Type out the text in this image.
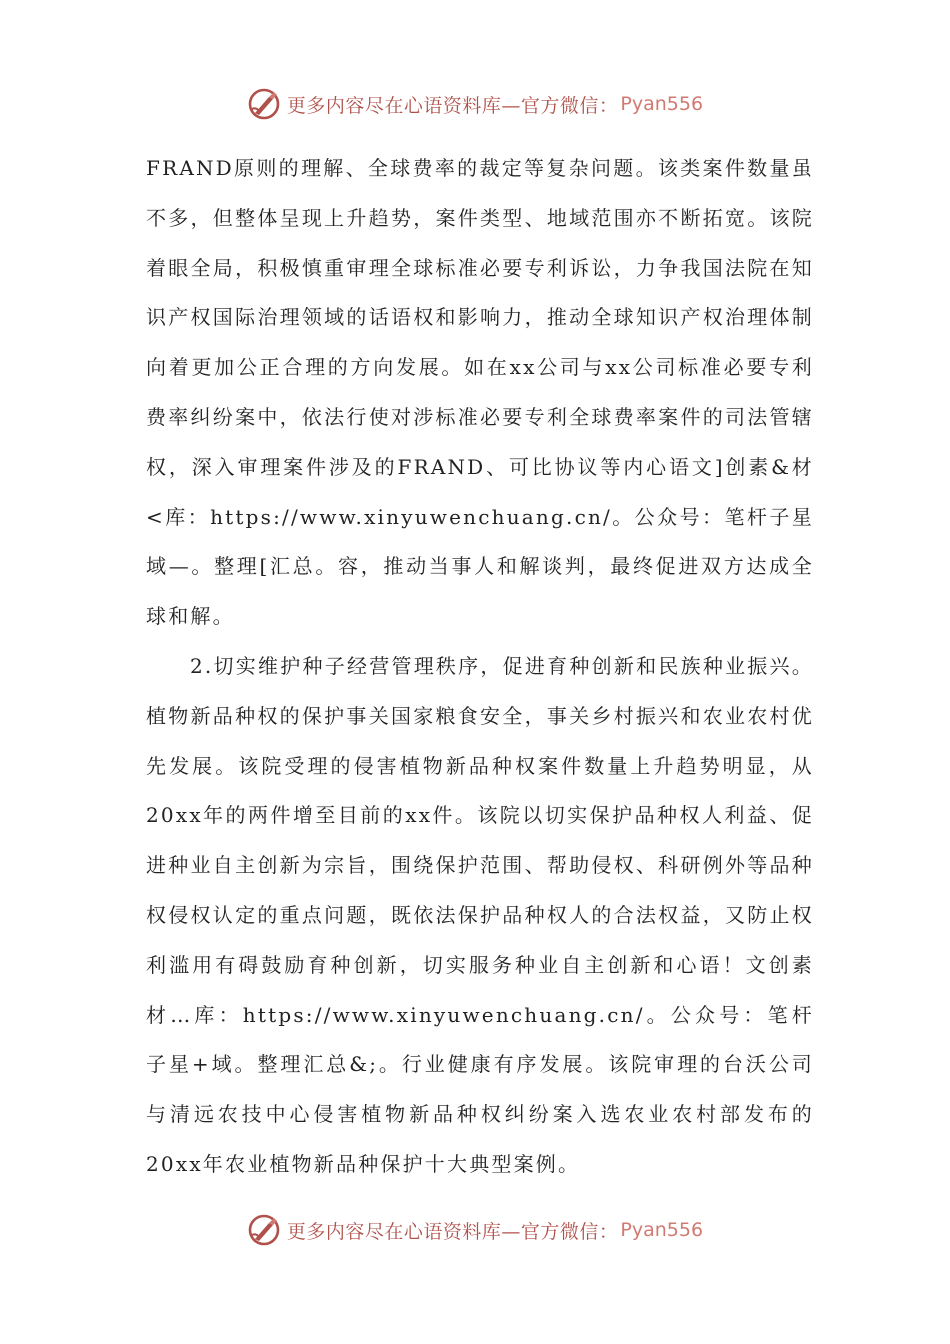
更多内容尽在心语资料库—官方微信： Pyan556

FRAND原则的理解、全球费率的裁定等复杂问题。该类案件数量虽不多，但整体呈现上升趋势，案件类型、地域范围亦不断拓宽。该院着眼全局，积极慎重审理全球标准必要专利诉讼，力争我国法院在知识产权国际治理领域的话语权和影响力，推动全球知识产权治理体制向着更加公正合理的方向发展。如在xx公司与xx公司标准必要专利费率纠纷案中，依法行使对涉标准必要专利全球费率案件的司法管辖权，深入审理案件涉及的FRAND、可比协议等内心语文]创素&材<库：https://www.xinyuwenchuang.cn/。公众号：笔杆子星域—。整理[汇总。容，推动当事人和解谈判，最终促进双方达成全球和解。

2.切实维护种子经营管理秩序，促进育种创新和民族种业振兴。植物新品种权的保护事关国家粮食安全，事关乡村振兴和农业农村优先发展。该院受理的侵害植物新品种权案件数量上升趋势明显，从20xx年的两件增至目前的xx件。该院以切实保护品种权人利益、促进种业自主创新为宗旨，围绕保护范围、帮助侵权、科研例外等品种权侵权认定的重点问题，既依法保护品种权人的合法权益，又防止权利滥用有碍鼓励育种创新，切实服务种业自主创新和心语！文创素材…库：https://www.xinyuwenchuang.cn/。公众号：笔杆子星+域。整理汇总&;。行业健康有序发展。该院审理的台沃公司与清远农技中心侵害植物新品种权纠纷案入选农业农村部发布的20xx年农业植物新品种保护十大典型案例。

更多内容尽在心语资料库—官方微信： Pyan556
